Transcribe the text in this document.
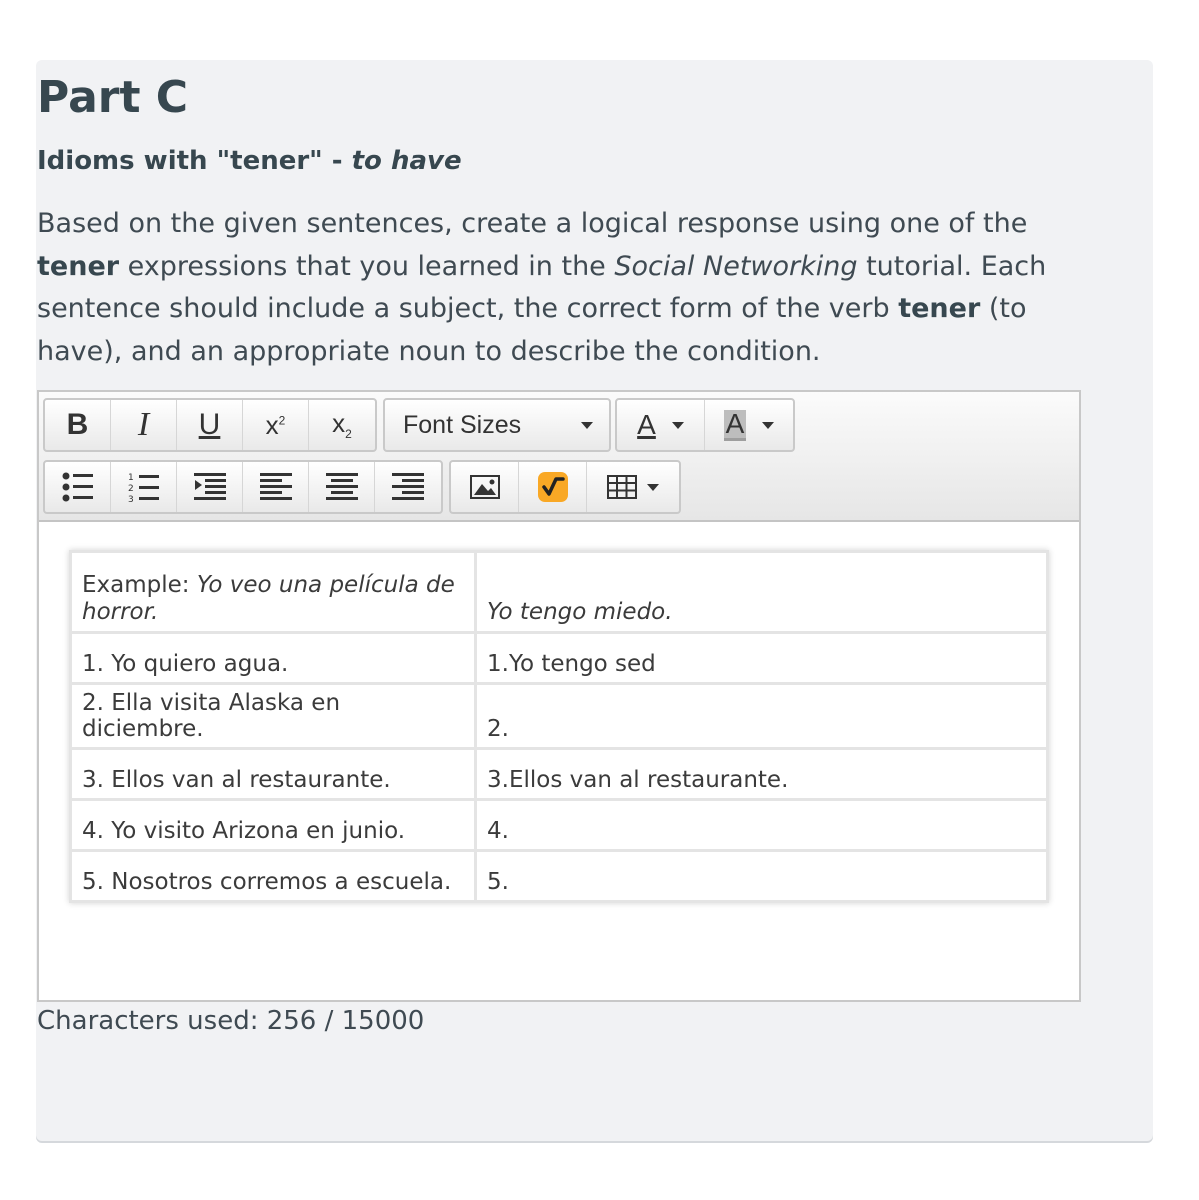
Part C

Idioms with "tener" - to have

Based on the given sentences, create a logical response using one of the tener expressions that you learned in the Social Networking tutorial. Each sentence should include a subject, the correct form of the verb tener (to have), and an appropriate noun to describe the condition.

B I U $x^2$ $x_2$ Font Sizes	A A
1
2
3
Example: Yo veo una película de horror.	Yo tengo miedo.
1. Yo quiero agua.	1.Yo tengo sed
2. Ella visita Alaska en diciembre.	2.
3. Ellos van al restaurante.	3.Ellos van al restaurante.
4. Yo visito Arizona en junio.	4.
5. Nosotros corremos a escuela.	5.
Characters used: 256 / 15000
